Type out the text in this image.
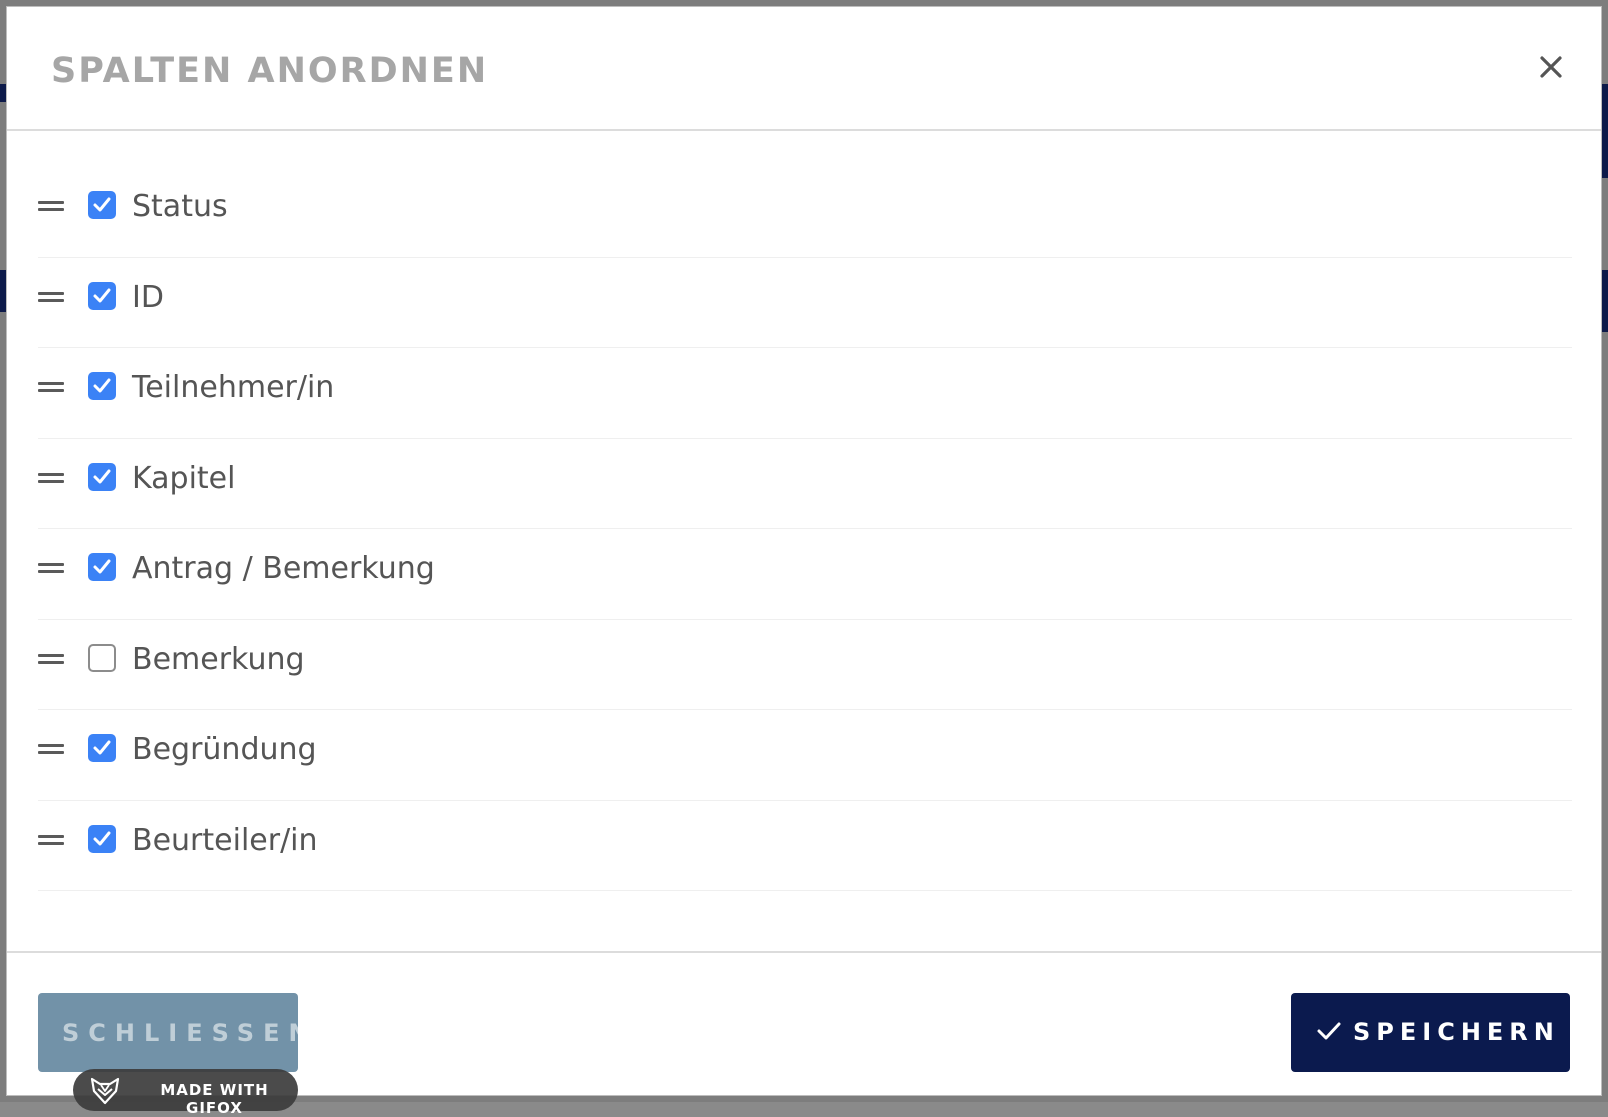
SPALTEN ANORDNEN
Status
ID
Teilnehmer/in
Kapitel
Antrag / Bemerkung
Bemerkung
Begründung
Beurteiler/in
SCHLIESSEN
MADE WITH GIFOX
SPEICHERN
